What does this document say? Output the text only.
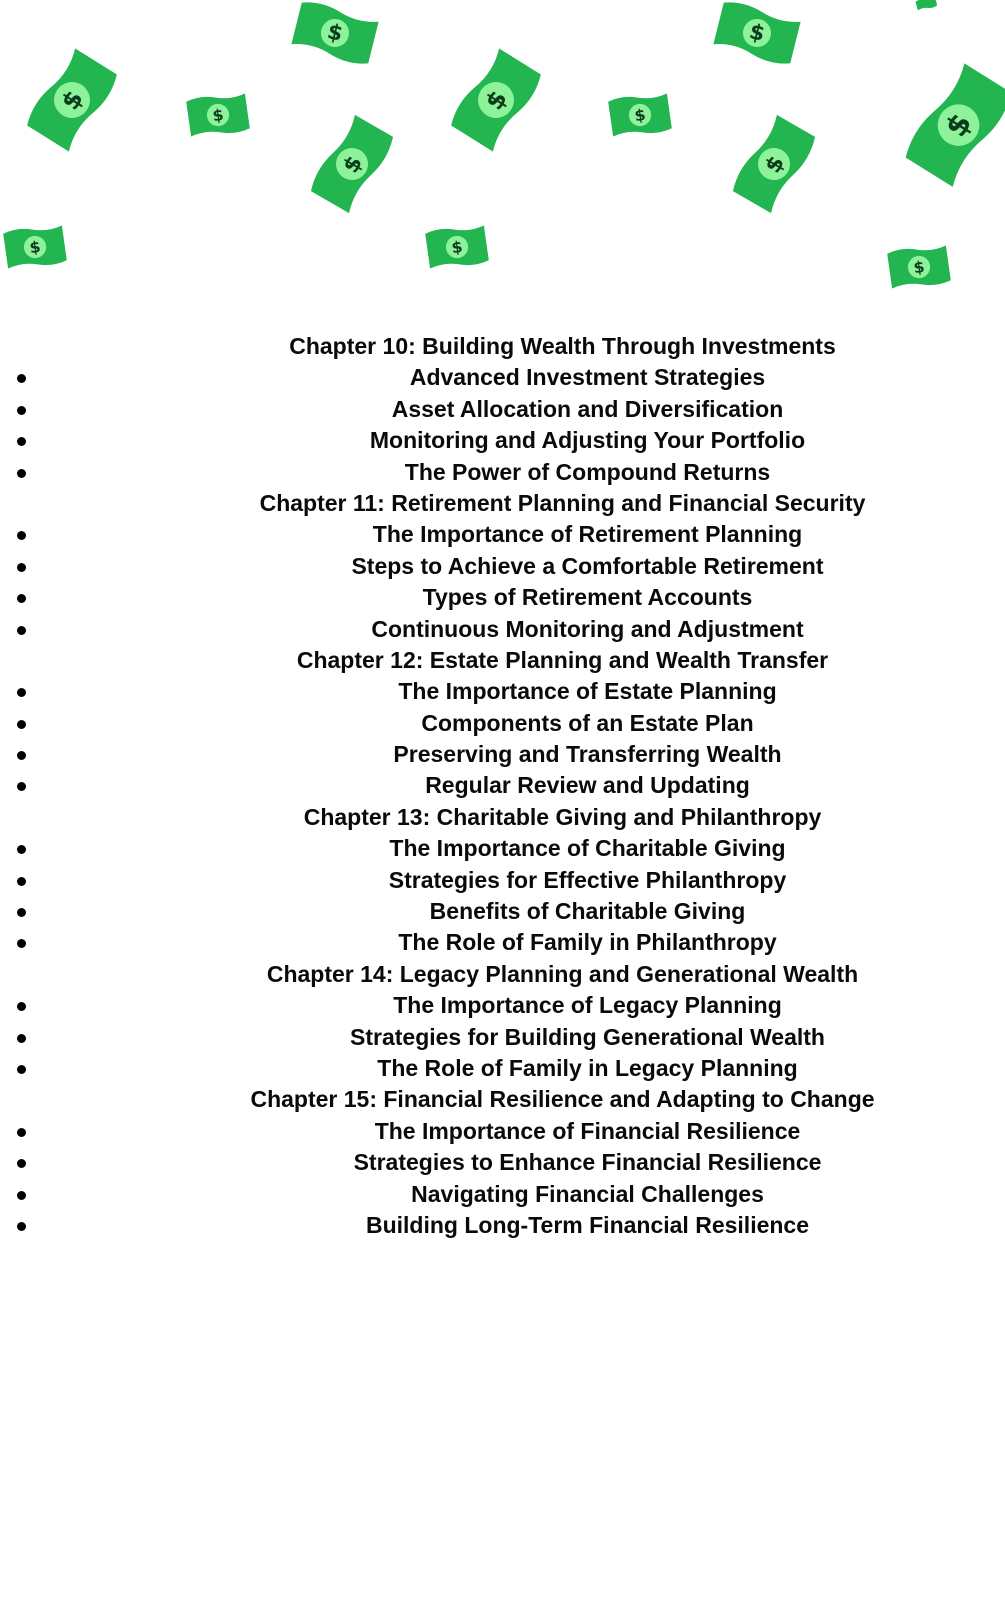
$
$
$
$
$
$
$
$
$
$	$
$
Chapter 10: Building Wealth Through Investments
Advanced Investment Strategies
Asset Allocation and Diversification
Monitoring and Adjusting Your Portfolio
The Power of Compound Returns
Chapter 11: Retirement Planning and Financial Security
The Importance of Retirement Planning
Steps to Achieve a Comfortable Retirement
Types of Retirement Accounts
Continuous Monitoring and Adjustment
Chapter 12: Estate Planning and Wealth Transfer
The Importance of Estate Planning
Components of an Estate Plan
Preserving and Transferring Wealth
Regular Review and Updating
Chapter 13: Charitable Giving and Philanthropy
The Importance of Charitable Giving
Strategies for Effective Philanthropy
Benefits of Charitable Giving
The Role of Family in Philanthropy
Chapter 14: Legacy Planning and Generational Wealth
The Importance of Legacy Planning
Strategies for Building Generational Wealth
The Role of Family in Legacy Planning
Chapter 15: Financial Resilience and Adapting to Change
The Importance of Financial Resilience
Strategies to Enhance Financial Resilience
Navigating Financial Challenges
Building Long-Term Financial Resilience
